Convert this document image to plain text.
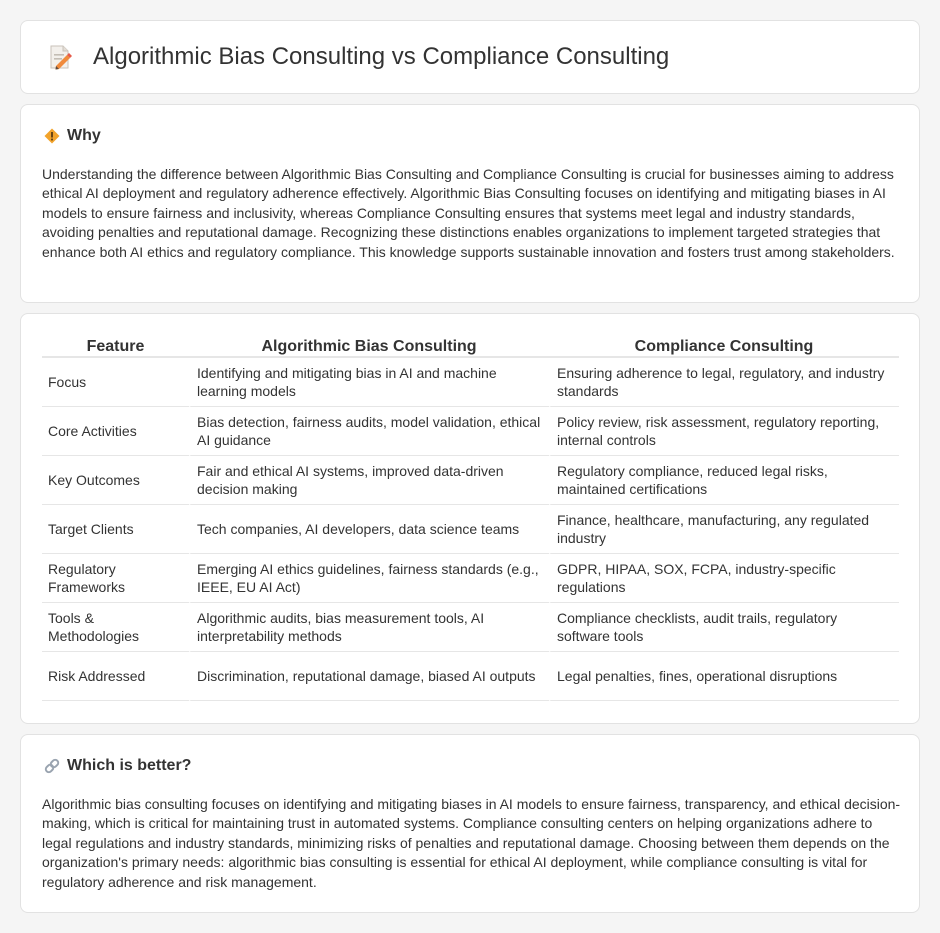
Algorithmic Bias Consulting vs Compliance Consulting
Why

Understanding the difference between Algorithmic Bias Consulting and Compliance Consulting is crucial for businesses aiming to address ethical AI deployment and regulatory adherence effectively. Algorithmic Bias Consulting focuses on identifying and mitigating biases in AI models to ensure fairness and inclusivity, whereas Compliance Consulting ensures that systems meet legal and industry standards, avoiding penalties and reputational damage. Recognizing these distinctions enables organizations to implement targeted strategies that enhance both AI ethics and regulatory compliance. This knowledge supports sustainable innovation and fosters trust among stakeholders.

Feature	Algorithmic Bias Consulting	Compliance Consulting
Focus	Identifying and mitigating bias in AI and machine learning models	Ensuring adherence to legal, regulatory, and industry standards
Core Activities	Bias detection, fairness audits, model validation, ethical AI guidance	Policy review, risk assessment, regulatory reporting, internal controls
Key Outcomes	Fair and ethical AI systems, improved data-driven decision making	Regulatory compliance, reduced legal risks, maintained certifications
Target Clients	Tech companies, AI developers, data science teams	Finance, healthcare, manufacturing, any regulated industry
Regulatory Frameworks	Emerging AI ethics guidelines, fairness standards (e.g., IEEE, EU AI Act)	GDPR, HIPAA, SOX, FCPA, industry-specific regulations
Tools & Methodologies	Algorithmic audits, bias measurement tools, AI interpretability methods	Compliance checklists, audit trails, regulatory software tools
Risk Addressed	Discrimination, reputational damage, biased AI outputs	Legal penalties, fines, operational disruptions
Which is better?

Algorithmic bias consulting focuses on identifying and mitigating biases in AI models to ensure fairness, transparency, and ethical decision-making, which is critical for maintaining trust in automated systems. Compliance consulting centers on helping organizations adhere to legal regulations and industry standards, minimizing risks of penalties and reputational damage. Choosing between them depends on the organization's primary needs: algorithmic bias consulting is essential for ethical AI deployment, while compliance consulting is vital for regulatory adherence and risk management.
